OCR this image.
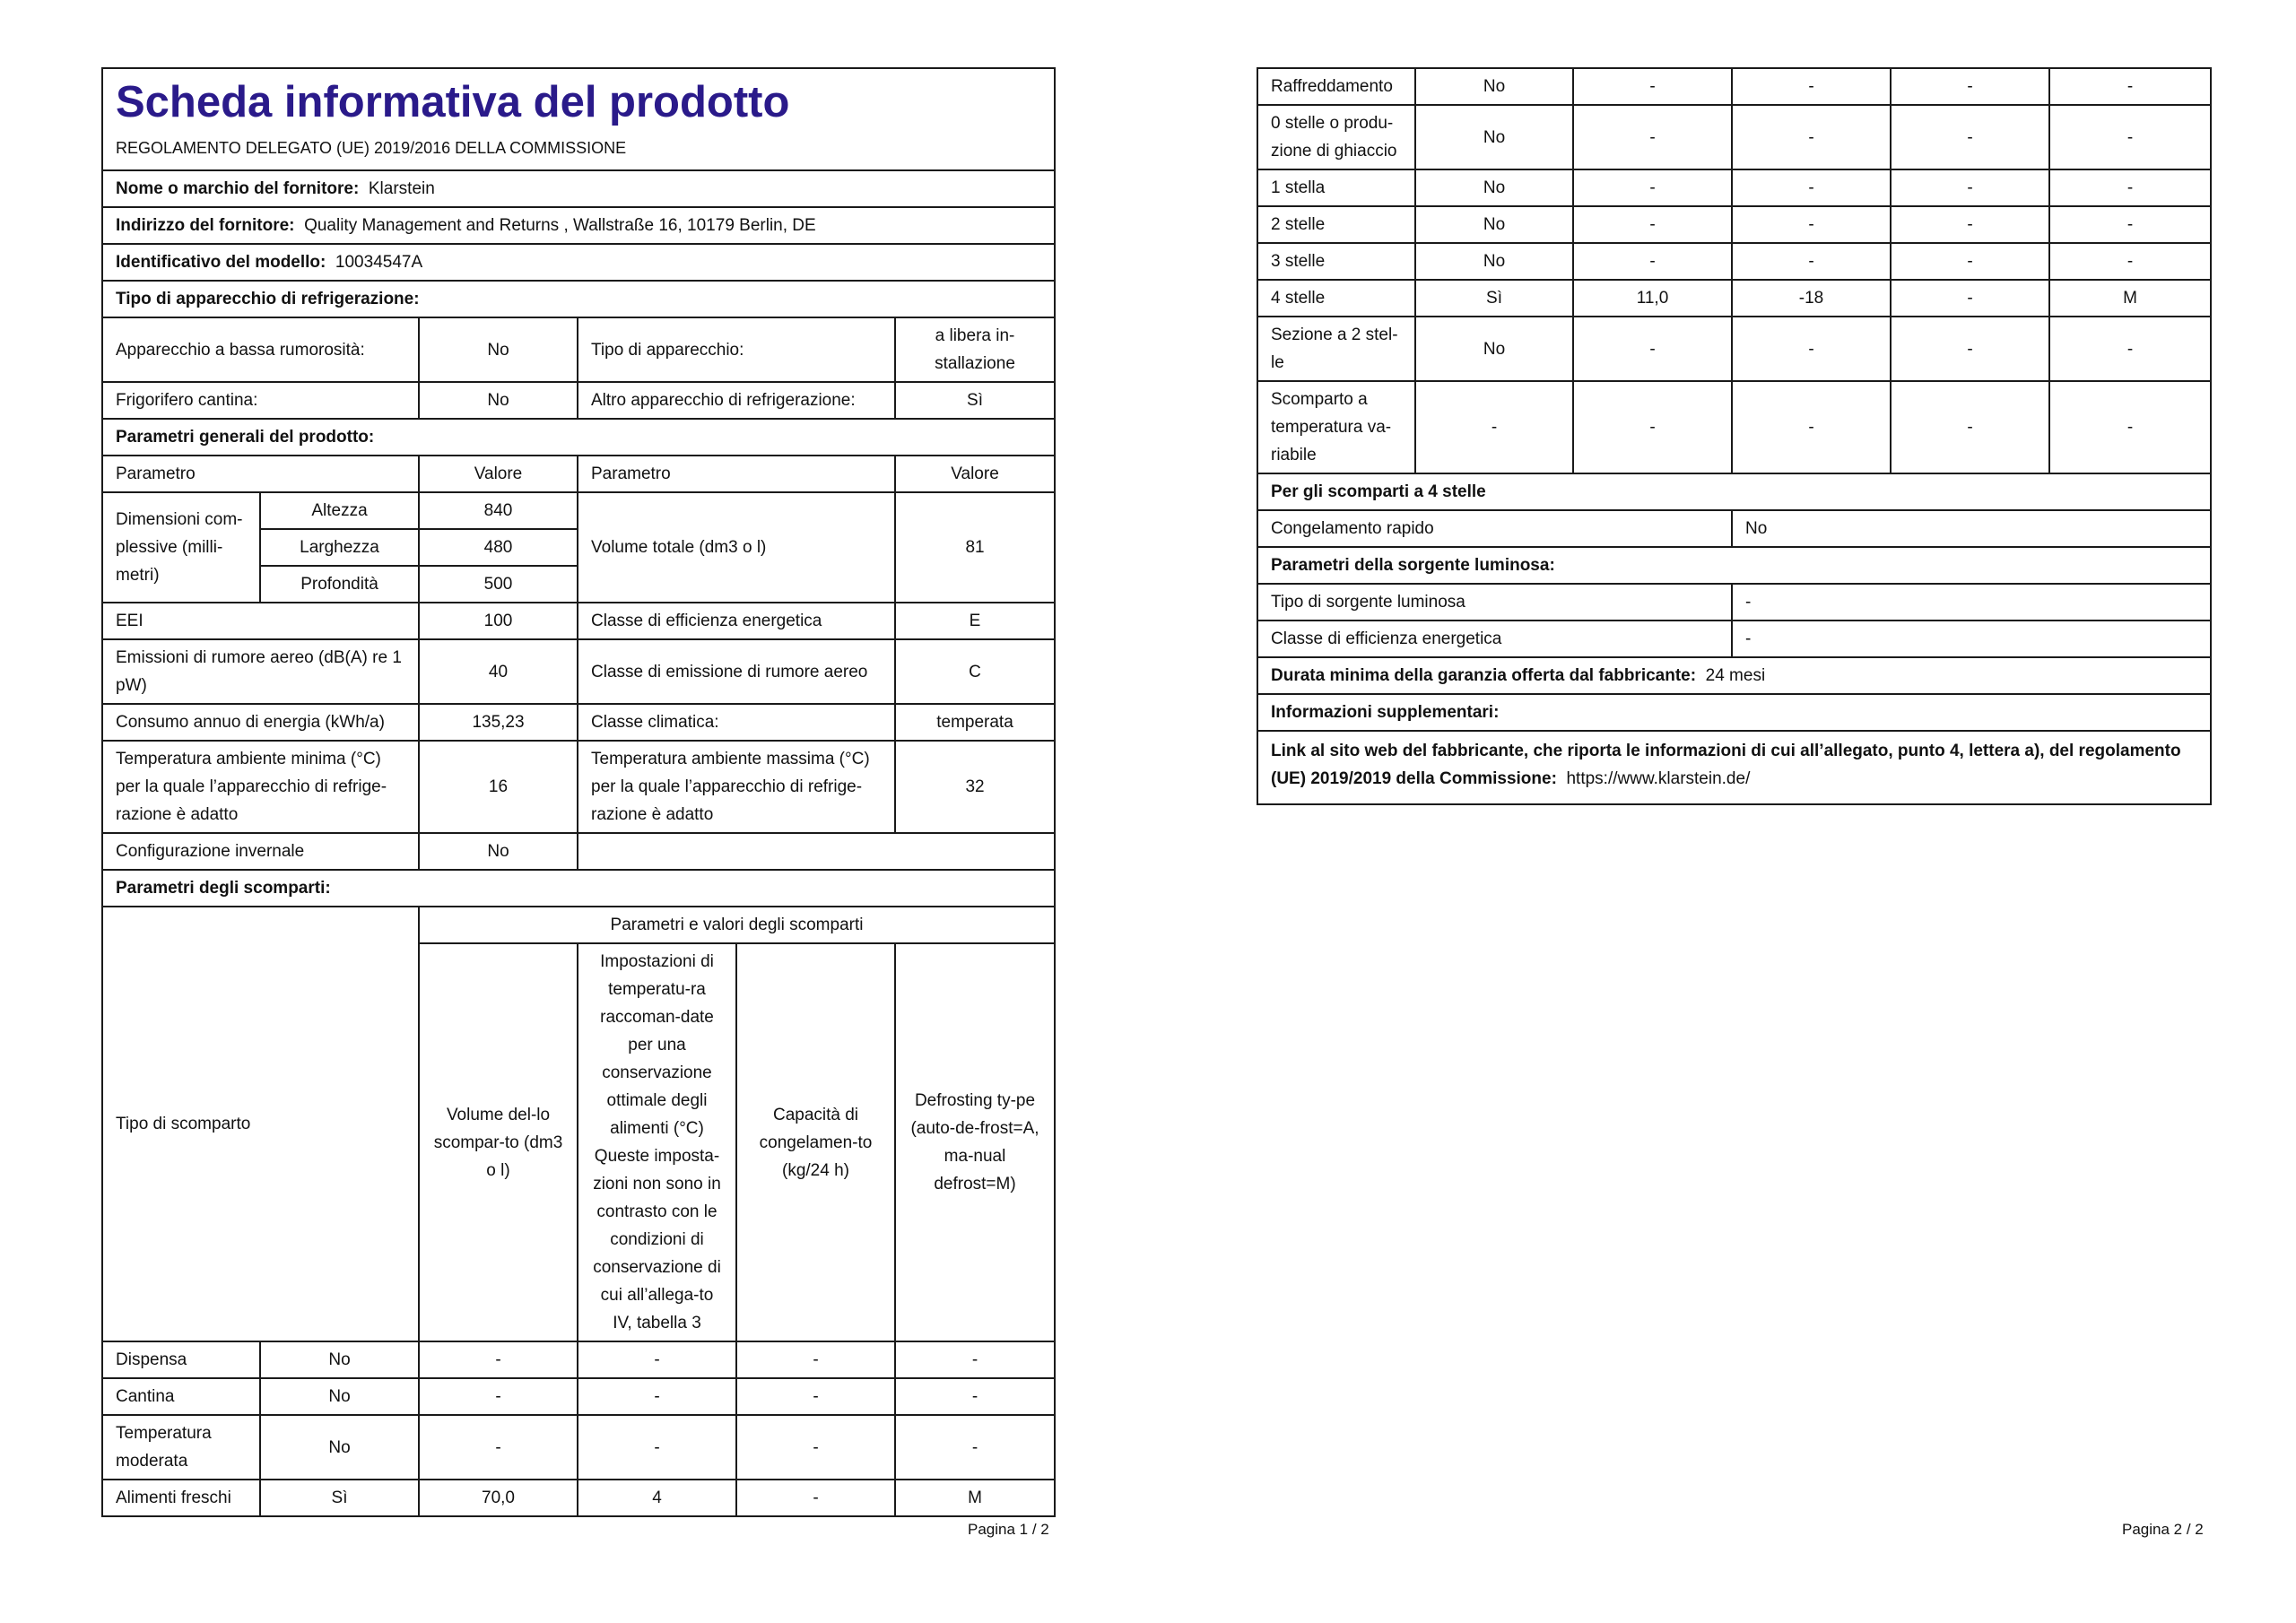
Scheda informativa del prodotto
REGOLAMENTO DELEGATO (UE) 2019/2016 DELLA COMMISSIONE					

Nome o marchio del fornitore: Klarstein					
Indirizzo del fornitore: Quality Management and Returns , Wallstraße 16, 10179 Berlin, DE					
Identificativo del modello: 10034547A					
Tipo di apparecchio di refrigerazione:					
Apparecchio a bassa rumorosità:		No	Tipo di apparecchio:		a libera in-stallazione
Frigorifero cantina:		No	Altro apparecchio di refrigerazione:		Sì
Parametri generali del prodotto:					
Parametro		Valore	Parametro		Valore
Dimensioni com-plessive (milli-metri)	Altezza	840	Volume totale (dm3 o l)		81
	Larghezza	480			
	Profondità	500			
EEI		100	Classe di efficienza energetica		E
Emissioni di rumore aereo (dB(A) re 1 pW)		40	Classe di emissione di rumore aereo		C
Consumo annuo di energia (kWh/a)		135,23	Classe climatica:		temperata
Temperatura ambiente minima (°C) per la quale l’apparecchio di refrige-razione è adatto		16	Temperatura ambiente massima (°C) per la quale l’apparecchio di refrige-razione è adatto		32
Configurazione invernale		No			
Parametri degli scomparti:					
Tipo di scomparto		Parametri e valori degli scomparti			
		Volume del-lo scompar-to (dm3 o l)	Impostazioni di temperatu-ra raccoman-date per una conservazione ottimale degli alimenti (°C) Queste imposta-zioni non sono in contrasto con le condizioni di conservazione di cui all’allega-to IV, tabella 3	Capacità di congelamen-to (kg/24 h)	Defrosting ty-pe (auto-de-frost=A, ma-nual defrost=M)
Dispensa	No	-	-	-	-
Cantina	No	-	-	-	-
Temperatura moderata	No	-	-	-	-
Alimenti freschi	Sì	70,0	4	-	M
Pagina 1 / 2
Raffreddamento	No	-	-	-	-
0 stelle o produ-zione di ghiaccio	No	-	-	-	-
1 stella	No	-	-	-	-
2 stelle	No	-	-	-	-
3 stelle	No	-	-	-	-
4 stelle	Sì	11,0	-18	-	M
Sezione a 2 stel-le	No	-	-	-	-
Scomparto a temperatura va-riabile	-	-	-	-	-
Per gli scomparti a 4 stelle					
Congelamento rapido			No		
Parametri della sorgente luminosa:					
Tipo di sorgente luminosa			-		
Classe di efficienza energetica			-		
Durata minima della garanzia offerta dal fabbricante: 24 mesi					
Informazioni supplementari:					
Link al sito web del fabbricante, che riporta le informazioni di cui all’allegato, punto 4, lettera a), del regolamento (UE) 2019/2019 della Commissione: https://www.klarstein.de/					
Pagina 2 / 2
